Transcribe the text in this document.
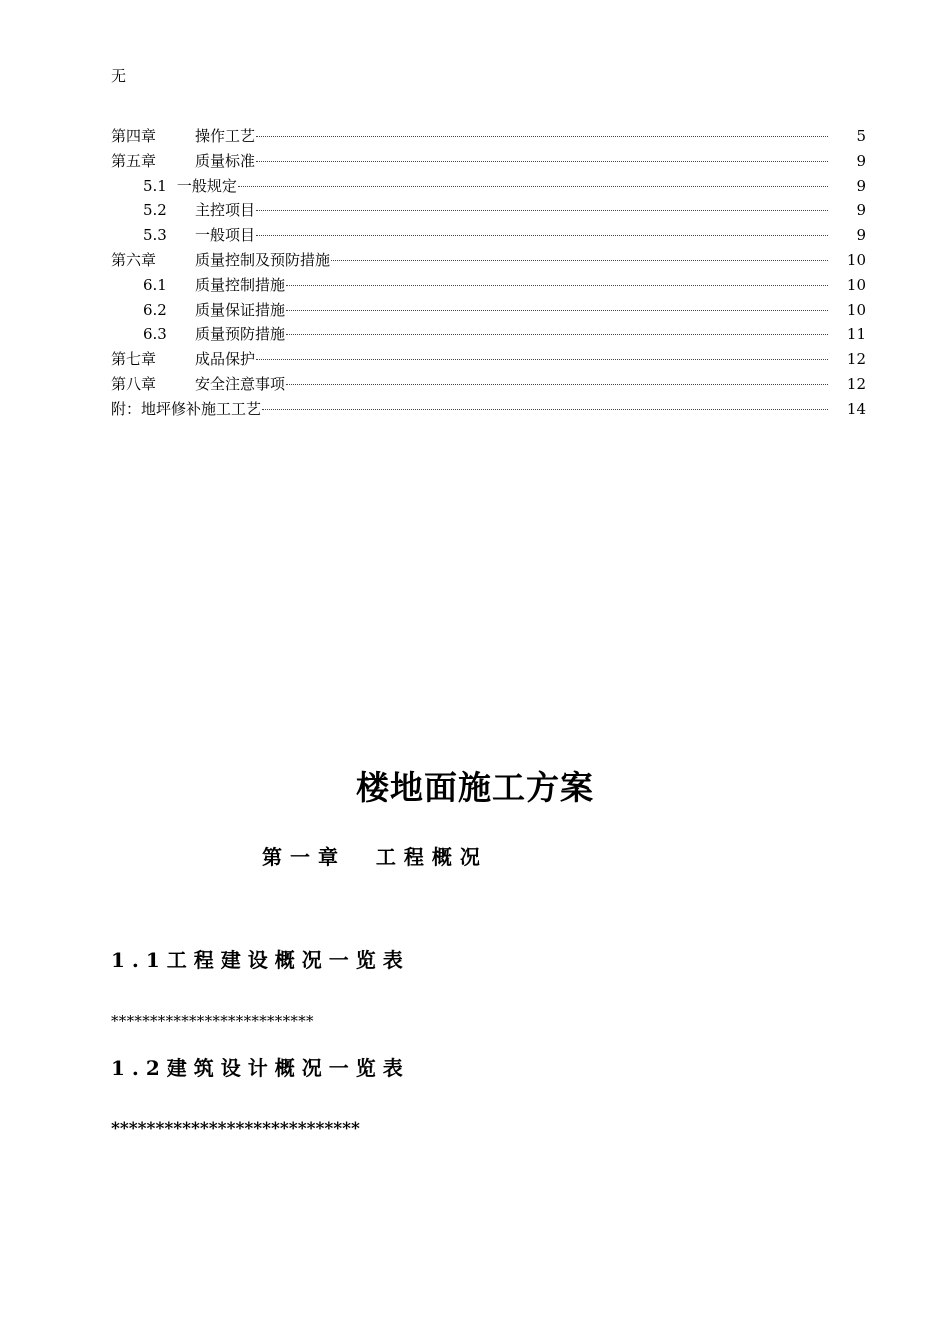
无
第四章	操作工艺	5
第五章	质量标准	9
5.1 一般规定	9
5.2	主控项目	9
5.3	一般项目	9
第六章	质量控制及预防措施	10
6.1	质量控制措施	10
6.2	质量保证措施	10
6.3	质量预防措施	11
第七章	成品保护	12
第八章	安全注意事项	12
附：地坪修补施工工艺	14
楼地面施工方案
第一章  工程概况
1.1工程建设概况一览表
**************************
1.2建筑设计概况一览表
****************************
